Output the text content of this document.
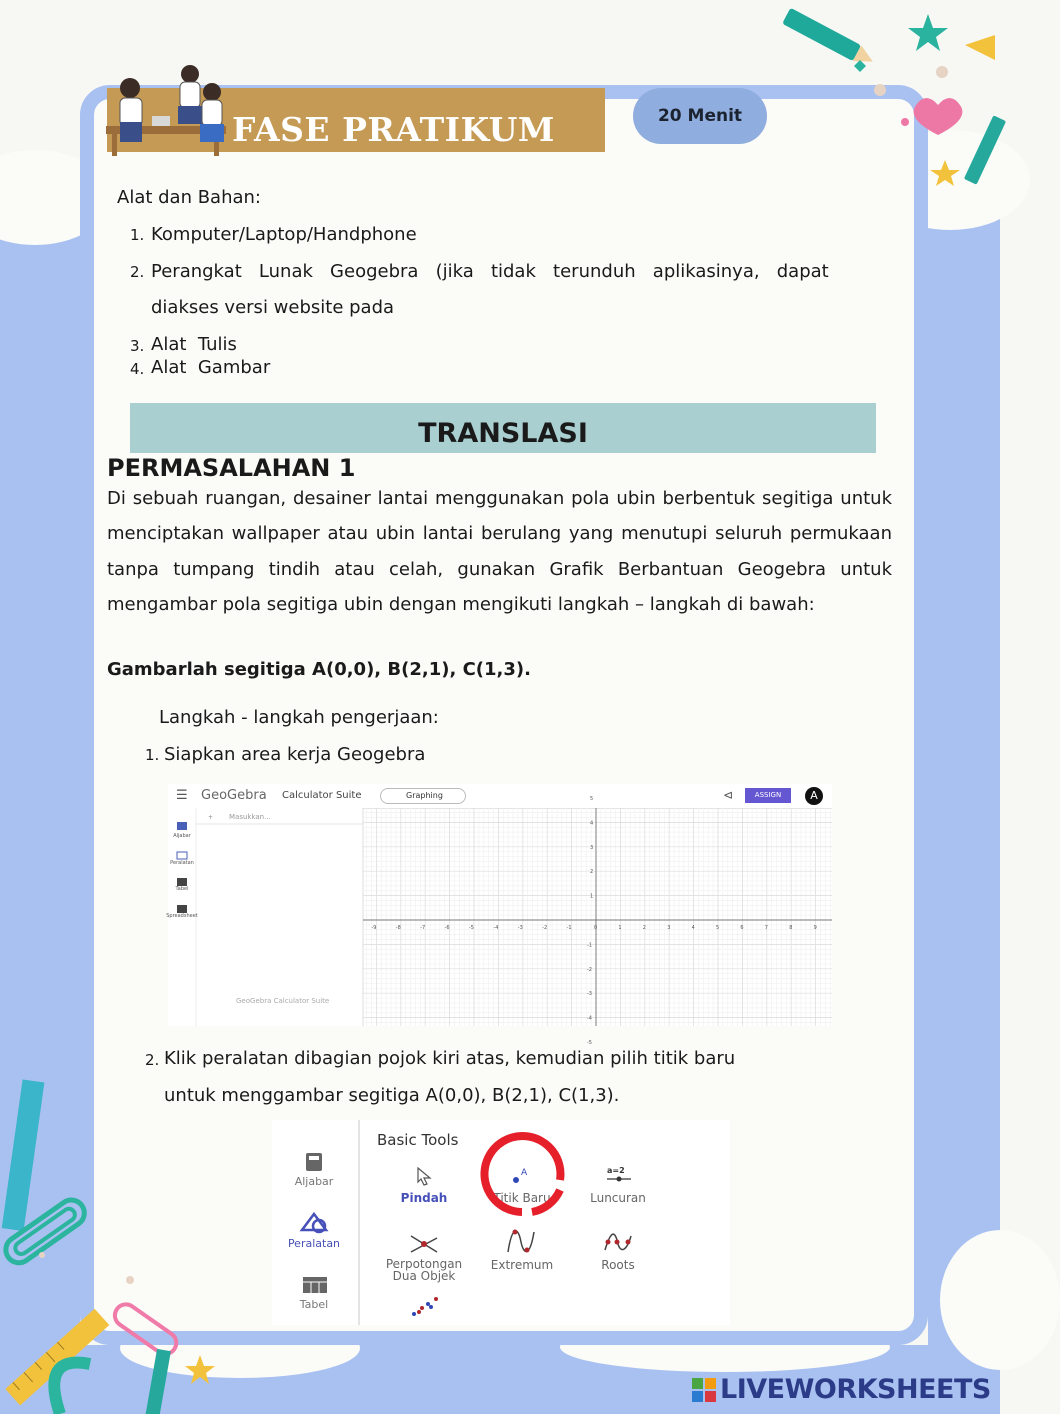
FASE PRATIKUM	20 Menit
Alat dan Bahan:
1. Komputer/Laptop/Handphone
2. Perangkat   Lunak   Geogebra   (jika   tidak   terunduh   aplikasinya,   dapat
diakses versi website pada
3. Alat  Tulis
4. Alat  Gambar
TRANSLASI
PERMASALAHAN 1
Di sebuah ruangan, desainer lantai menggunakan pola ubin berbentuk segitiga untuk menciptakan wallpaper atau ubin lantai berulang yang menutupi seluruh permukaan tanpa tumpang tindih atau celah, gunakan Grafik Berbantuan Geogebra untuk mengambar pola segitiga ubin dengan mengikuti langkah – langkah di bawah:
Gambarlah segitiga A(0,0), B(2,1), C(1,3).
Langkah - langkah pengerjaan:
1. Siapkan area kerja Geogebra
☰ GeoGebra Calculator Suite	Graphing	⊲	ASSIGN	A
+
-9	-8	-7	-6	-5	-4	-3	-2	-1	0	1	2	3	4	5	6	7	8	9
5
4
3
2
1
-1
-2
-3
-4
-5
Masukkan...
Aljabar
Peralatan
Tabel
Spreadsheet
GeoGebra Calculator Suite
2. Klik peralatan dibagian pojok kiri atas, kemudian pilih titik baru
untuk menggambar segitiga A(0,0), B(2,1), C(1,3).
Aljabar
Peralatan
Tabel
Basic Tools
Pindah
A
Titik Baru
a=2
Luncuran
Perpotongan
Dua Objek
Extremum	Roots
LIVEWORKSHEETS
